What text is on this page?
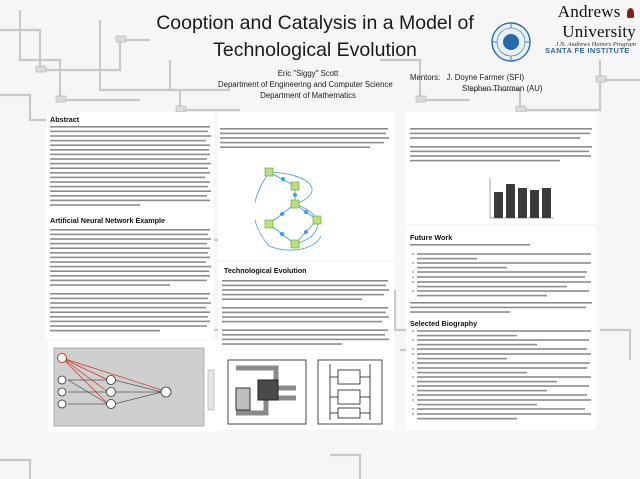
Cooption and Catalysis in a Model of
Technological Evolution
Andrews  University
J.N. Andrews Honors Program
SANTA FE INSTITUTE
Eric "Siggy" Scott
Department of Engineering and Computer Science
Department of Mathematics
Mentors: J. Doyne Farmer (SFI)
Stephen Thorman (AU)
Abstract
Artificial Neural Network Example
Technological Evolution
Future Work
Selected Biography
